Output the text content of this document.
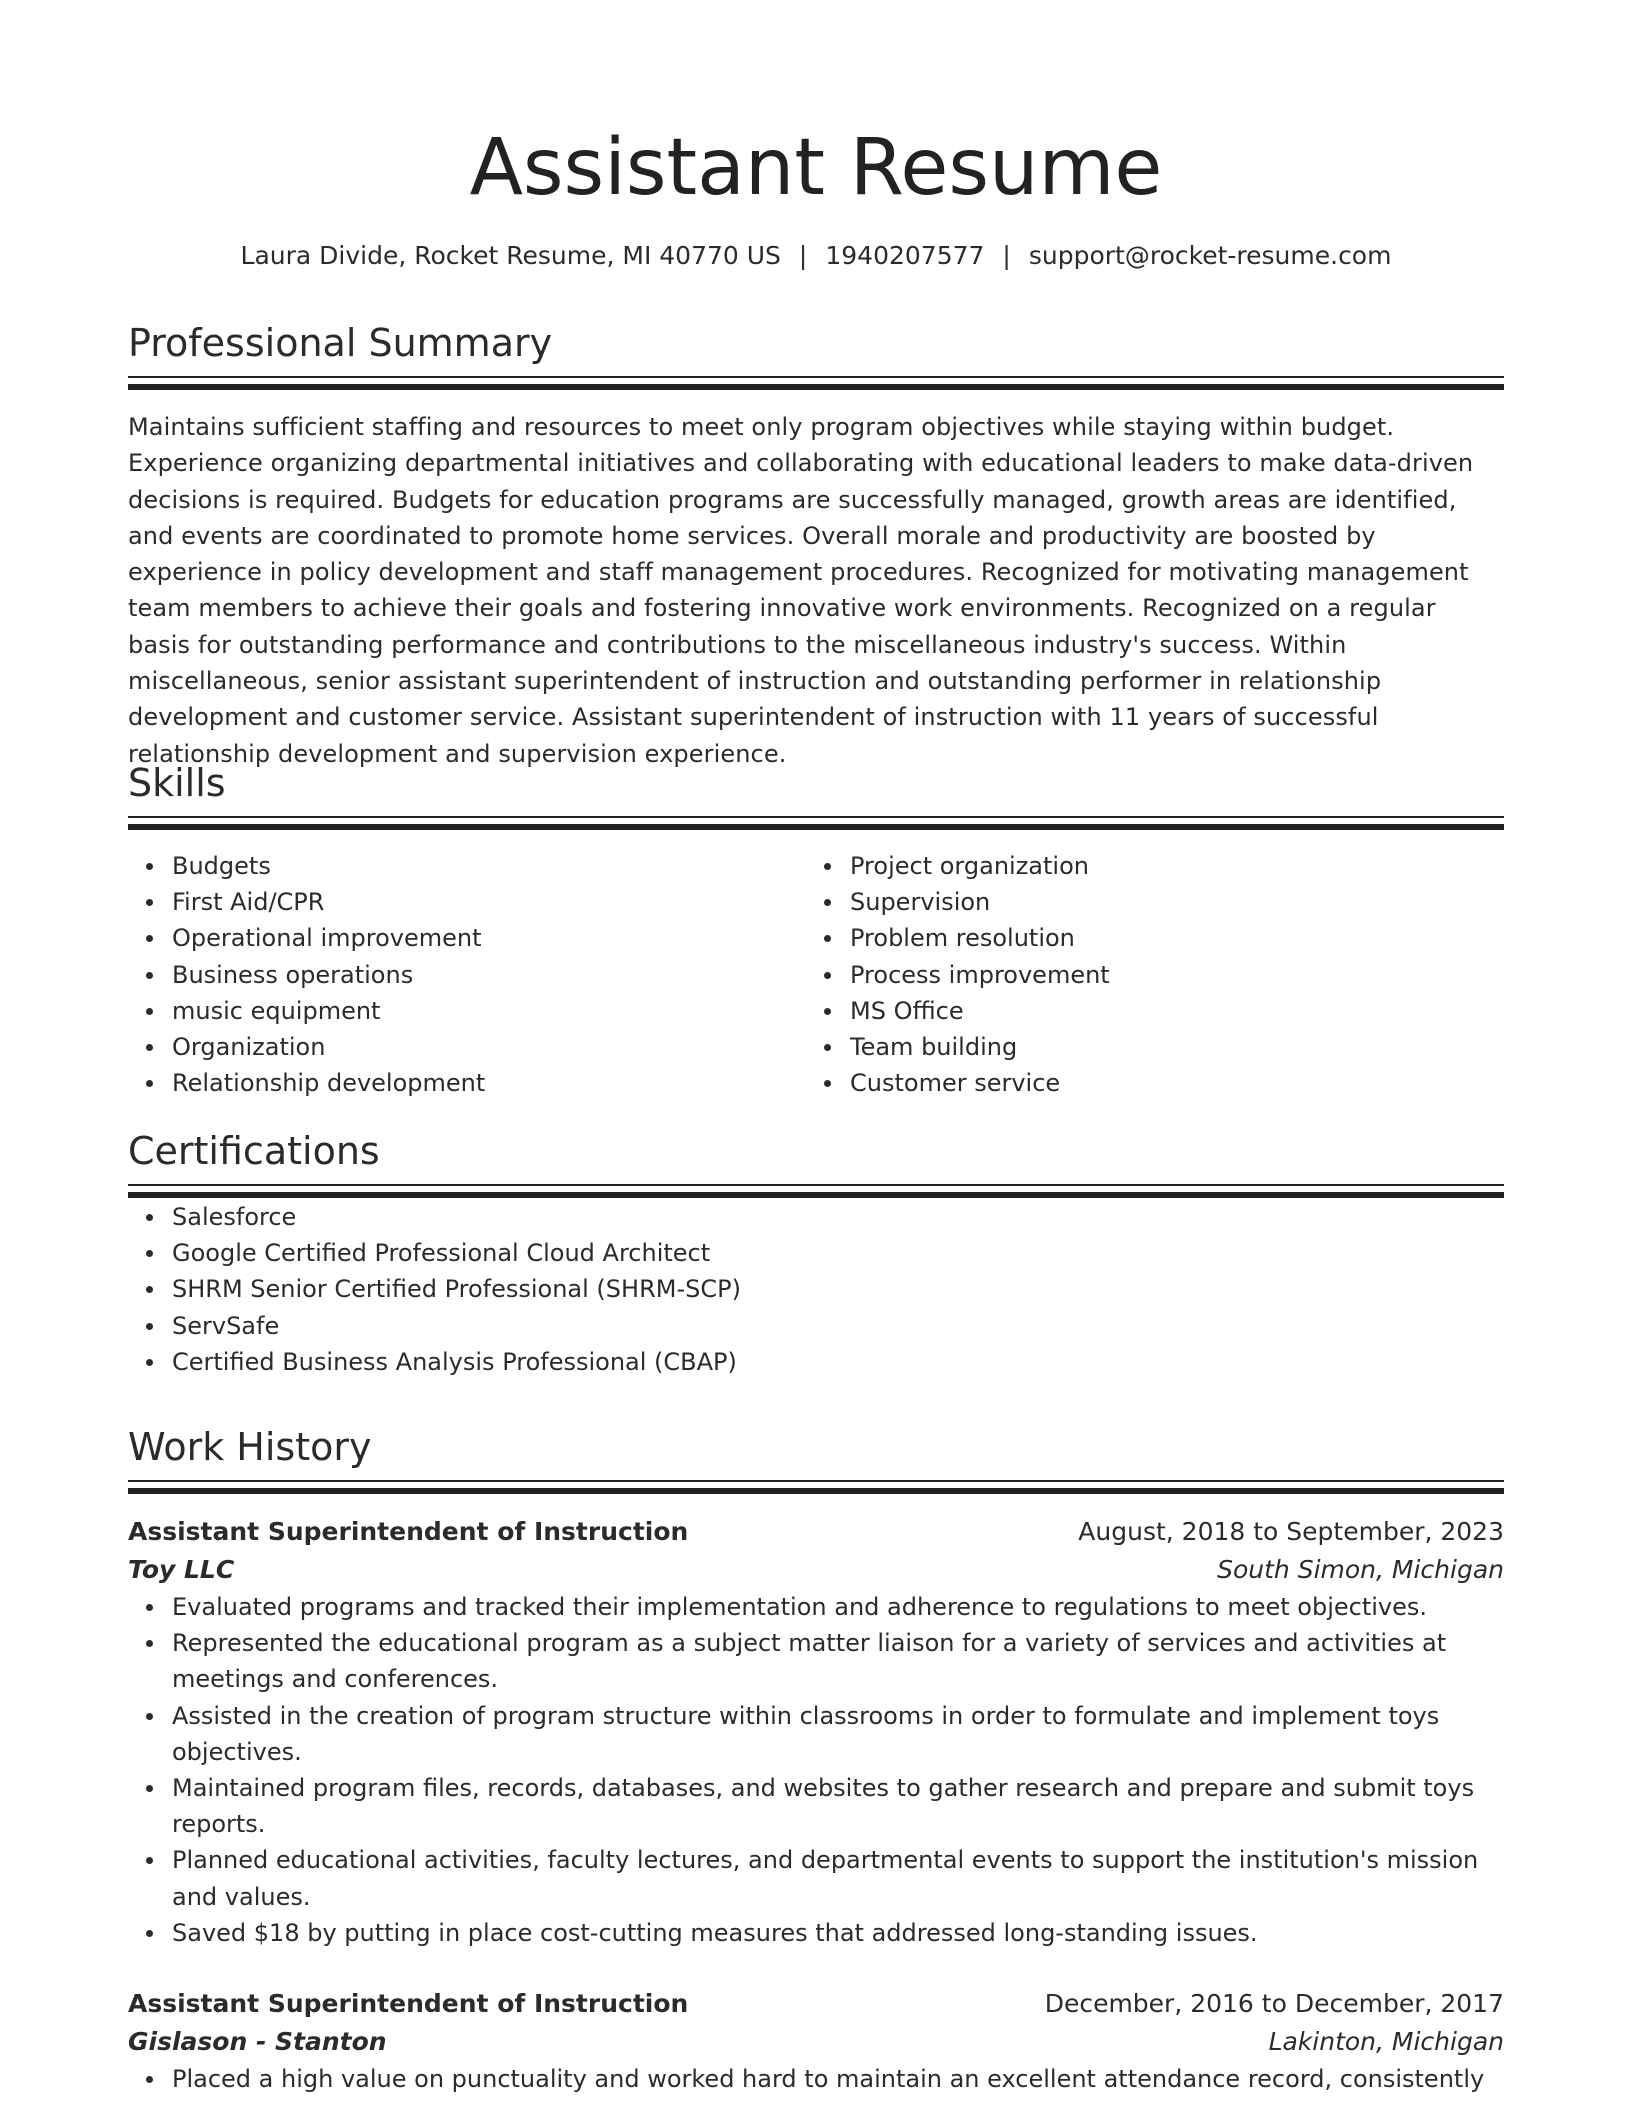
Assistant Resume
Laura Divide, Rocket Resume, MI 40770 US | 1940207577 | support@rocket-resume.com
Professional Summary

Maintains sufficient staffing and resources to meet only program objectives while staying within budget. Experience organizing departmental initiatives and collaborating with educational leaders to make data-driven decisions is required. Budgets for education programs are successfully managed, growth areas are identified, and events are coordinated to promote home services. Overall morale and productivity are boosted by experience in policy development and staff management procedures. Recognized for motivating management team members to achieve their goals and fostering innovative work environments. Recognized on a regular basis for outstanding performance and contributions to the miscellaneous industry's success. Within miscellaneous, senior assistant superintendent of instruction and outstanding performer in relationship development and customer service. Assistant superintendent of instruction with 11 years of successful relationship development and supervision experience.

Skills
Budgets
First Aid/CPR
Operational improvement
Business operations
music equipment
Organization
Relationship development
Project organization
Supervision
Problem resolution
Process improvement
MS Office
Team building
Customer service
Certifications
Salesforce
Google Certified Professional Cloud Architect
SHRM Senior Certified Professional (SHRM-SCP)
ServSafe
Certified Business Analysis Professional (CBAP)
Work History
Assistant Superintendent of Instruction	August, 2018 to September, 2023
Toy LLC	South Simon, Michigan
Evaluated programs and tracked their implementation and adherence to regulations to meet objectives.
Represented the educational program as a subject matter liaison for a variety of services and activities at meetings and conferences.
Assisted in the creation of program structure within classrooms in order to formulate and implement toys objectives.
Maintained program files, records, databases, and websites to gather research and prepare and submit toys reports.
Planned educational activities, faculty lectures, and departmental events to support the institution's mission and values.
Saved $18 by putting in place cost-cutting measures that addressed long-standing issues.
Assistant Superintendent of Instruction	December, 2016 to December, 2017
Gislason - Stanton	Lakinton, Michigan
Placed a high value on punctuality and worked hard to maintain an excellent attendance record, consistently
